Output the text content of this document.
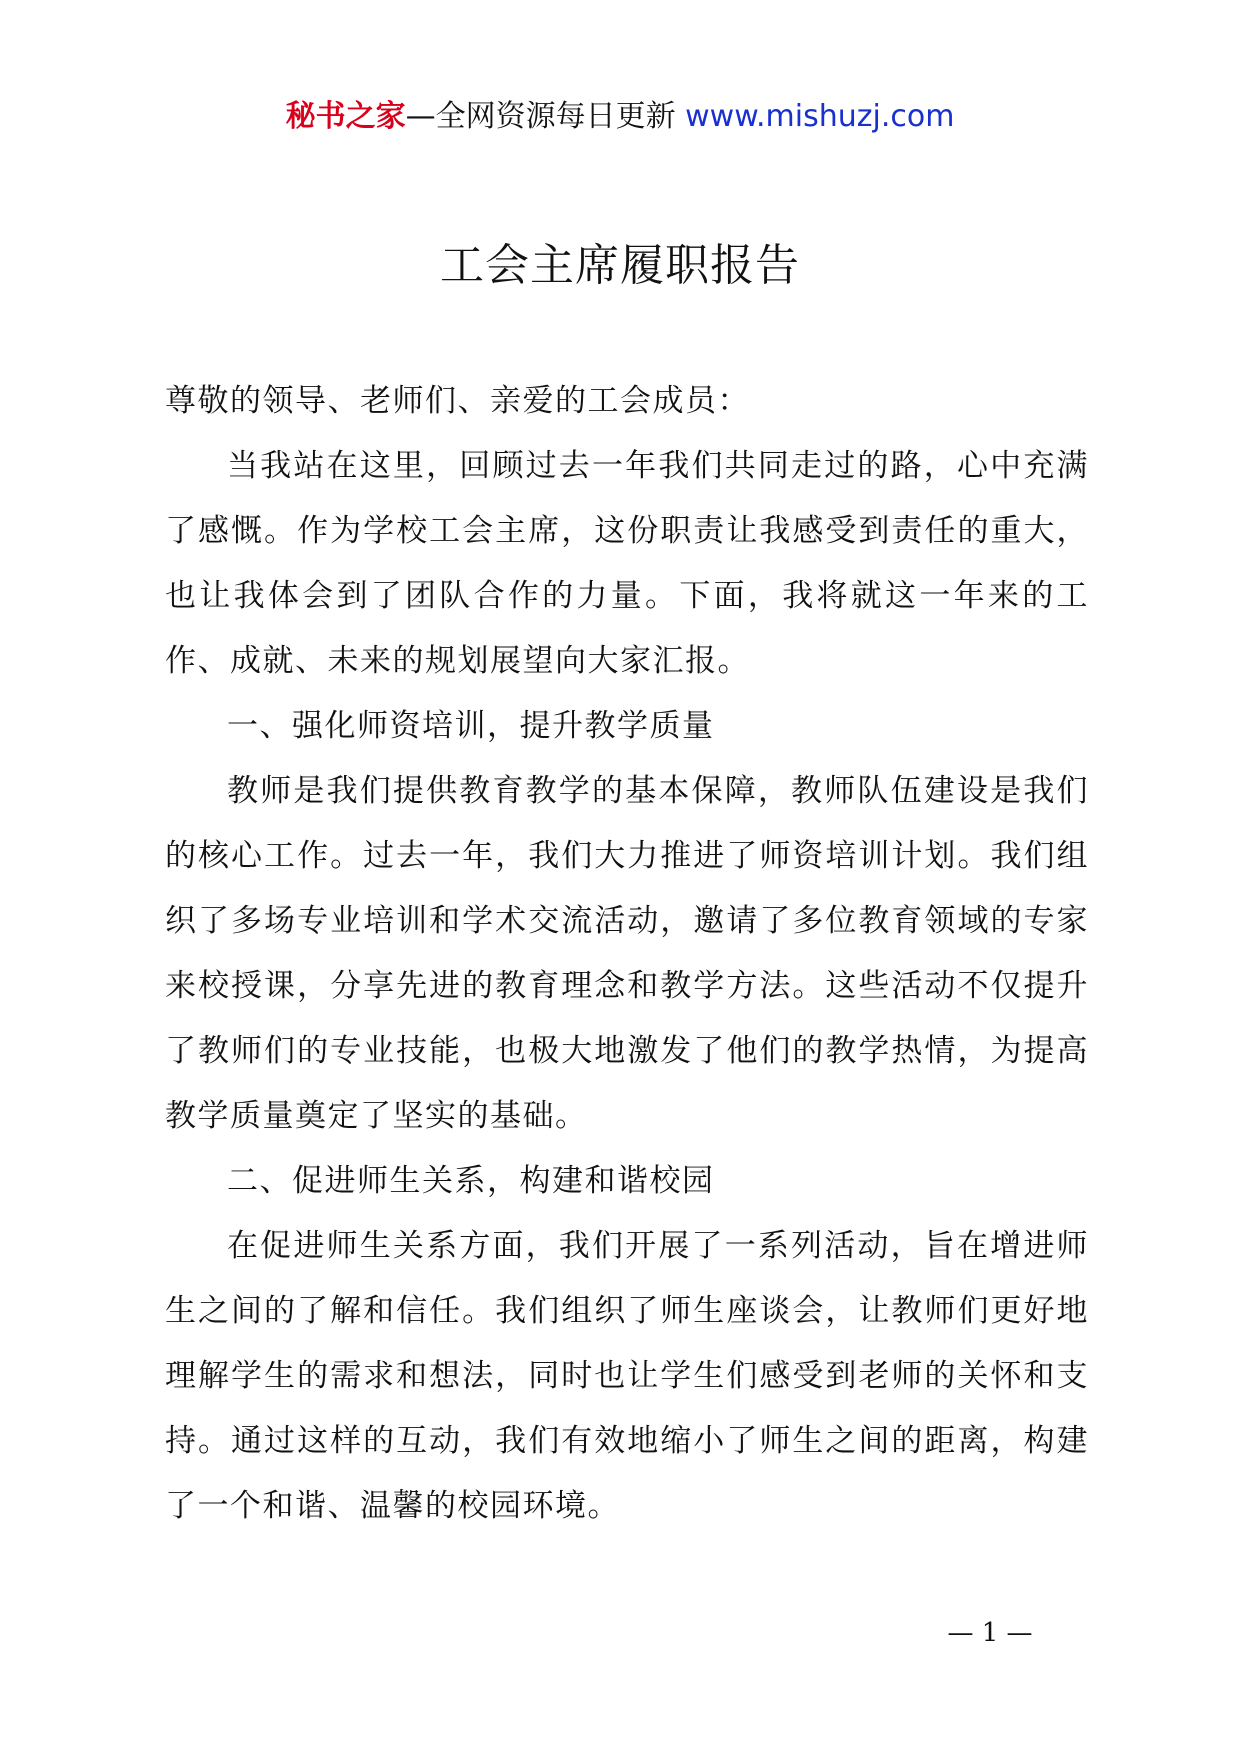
秘书之家—全网资源每日更新 www.mishuzj.com
工会主席履职报告

尊敬的领导、老师们、亲爱的工会成员：

当我站在这里，回顾过去一年我们共同走过的路，心中充满了感慨。作为学校工会主席，这份职责让我感受到责任的重大，也让我体会到了团队合作的力量。下面，我将就这一年来的工作、成就、未来的规划展望向大家汇报。

一、强化师资培训，提升教学质量

教师是我们提供教育教学的基本保障，教师队伍建设是我们的核心工作。过去一年，我们大力推进了师资培训计划。我们组织了多场专业培训和学术交流活动，邀请了多位教育领域的专家来校授课，分享先进的教育理念和教学方法。这些活动不仅提升了教师们的专业技能，也极大地激发了他们的教学热情，为提高教学质量奠定了坚实的基础。

二、促进师生关系，构建和谐校园

在促进师生关系方面，我们开展了一系列活动，旨在增进师生之间的了解和信任。我们组织了师生座谈会，让教师们更好地理解学生的需求和想法，同时也让学生们感受到老师的关怀和支持。通过这样的互动，我们有效地缩小了师生之间的距离，构建了一个和谐、温馨的校园环境。

— 1 —
